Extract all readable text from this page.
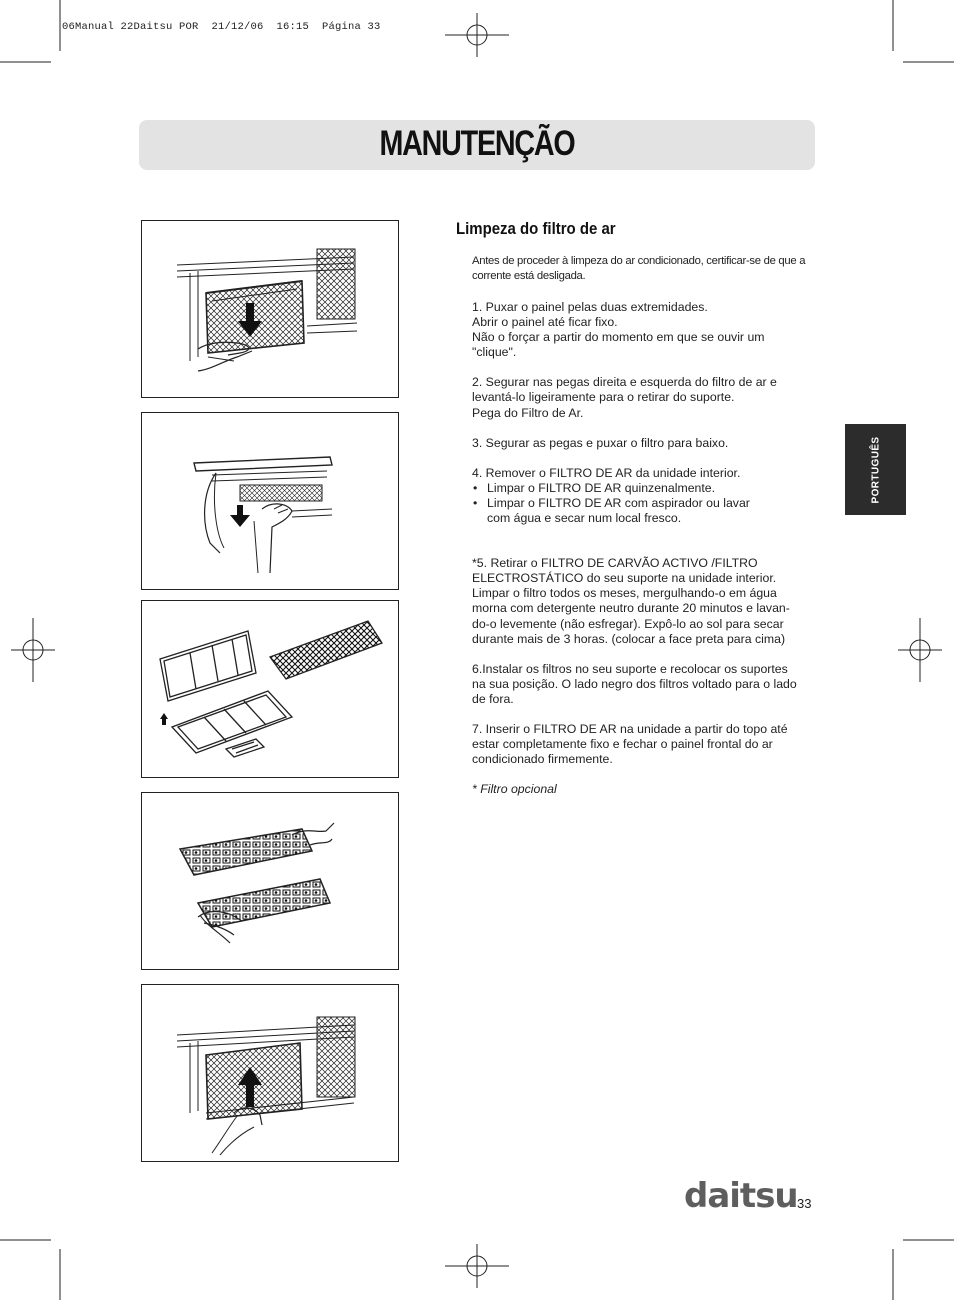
06Manual 22Daitsu POR  21/12/06  16:15  Página 33
MANUTENÇÃO
Limpeza do filtro de ar
Antes de proceder à limpeza do ar condicionado, certificar-se de que a corrente está desligada.

1. Puxar o painel pelas duas extremidades.

Abrir o painel até ficar fixo.

Não o forçar a partir do momento em que se ouvir um

"clique".

2. Segurar nas pegas direita e esquerda do filtro de ar e

levantá-lo ligeiramente para o retirar do suporte.

Pega do Filtro de Ar.

3. Segurar as pegas e puxar o filtro para baixo.

4. Remover o FILTRO DE AR da unidade interior.

• Limpar o FILTRO DE AR quinzenalmente.

• Limpar o FILTRO DE AR com aspirador ou lavar

com água e secar num local fresco.

*5. Retirar o FILTRO DE CARVÃO ACTIVO /FILTRO

ELECTROSTÁTICO do seu suporte na unidade interior.

Limpar o filtro todos os meses, mergulhando-o em água

morna com detergente neutro durante 20 minutos e lavan-

do-o levemente (não esfregar). Expô-lo ao sol para secar

durante mais de 3 horas. (colocar a face preta para cima)

6.Instalar os filtros no seu suporte e recolocar os suportes

na sua posição. O lado negro dos filtros voltado para o lado

de fora.

7. Inserir o FILTRO DE AR na unidade a partir do topo até

estar completamente fixo e fechar o painel frontal do ar

condicionado firmemente.

* Filtro opcional

PORTUGUÊS
daitsu 33
